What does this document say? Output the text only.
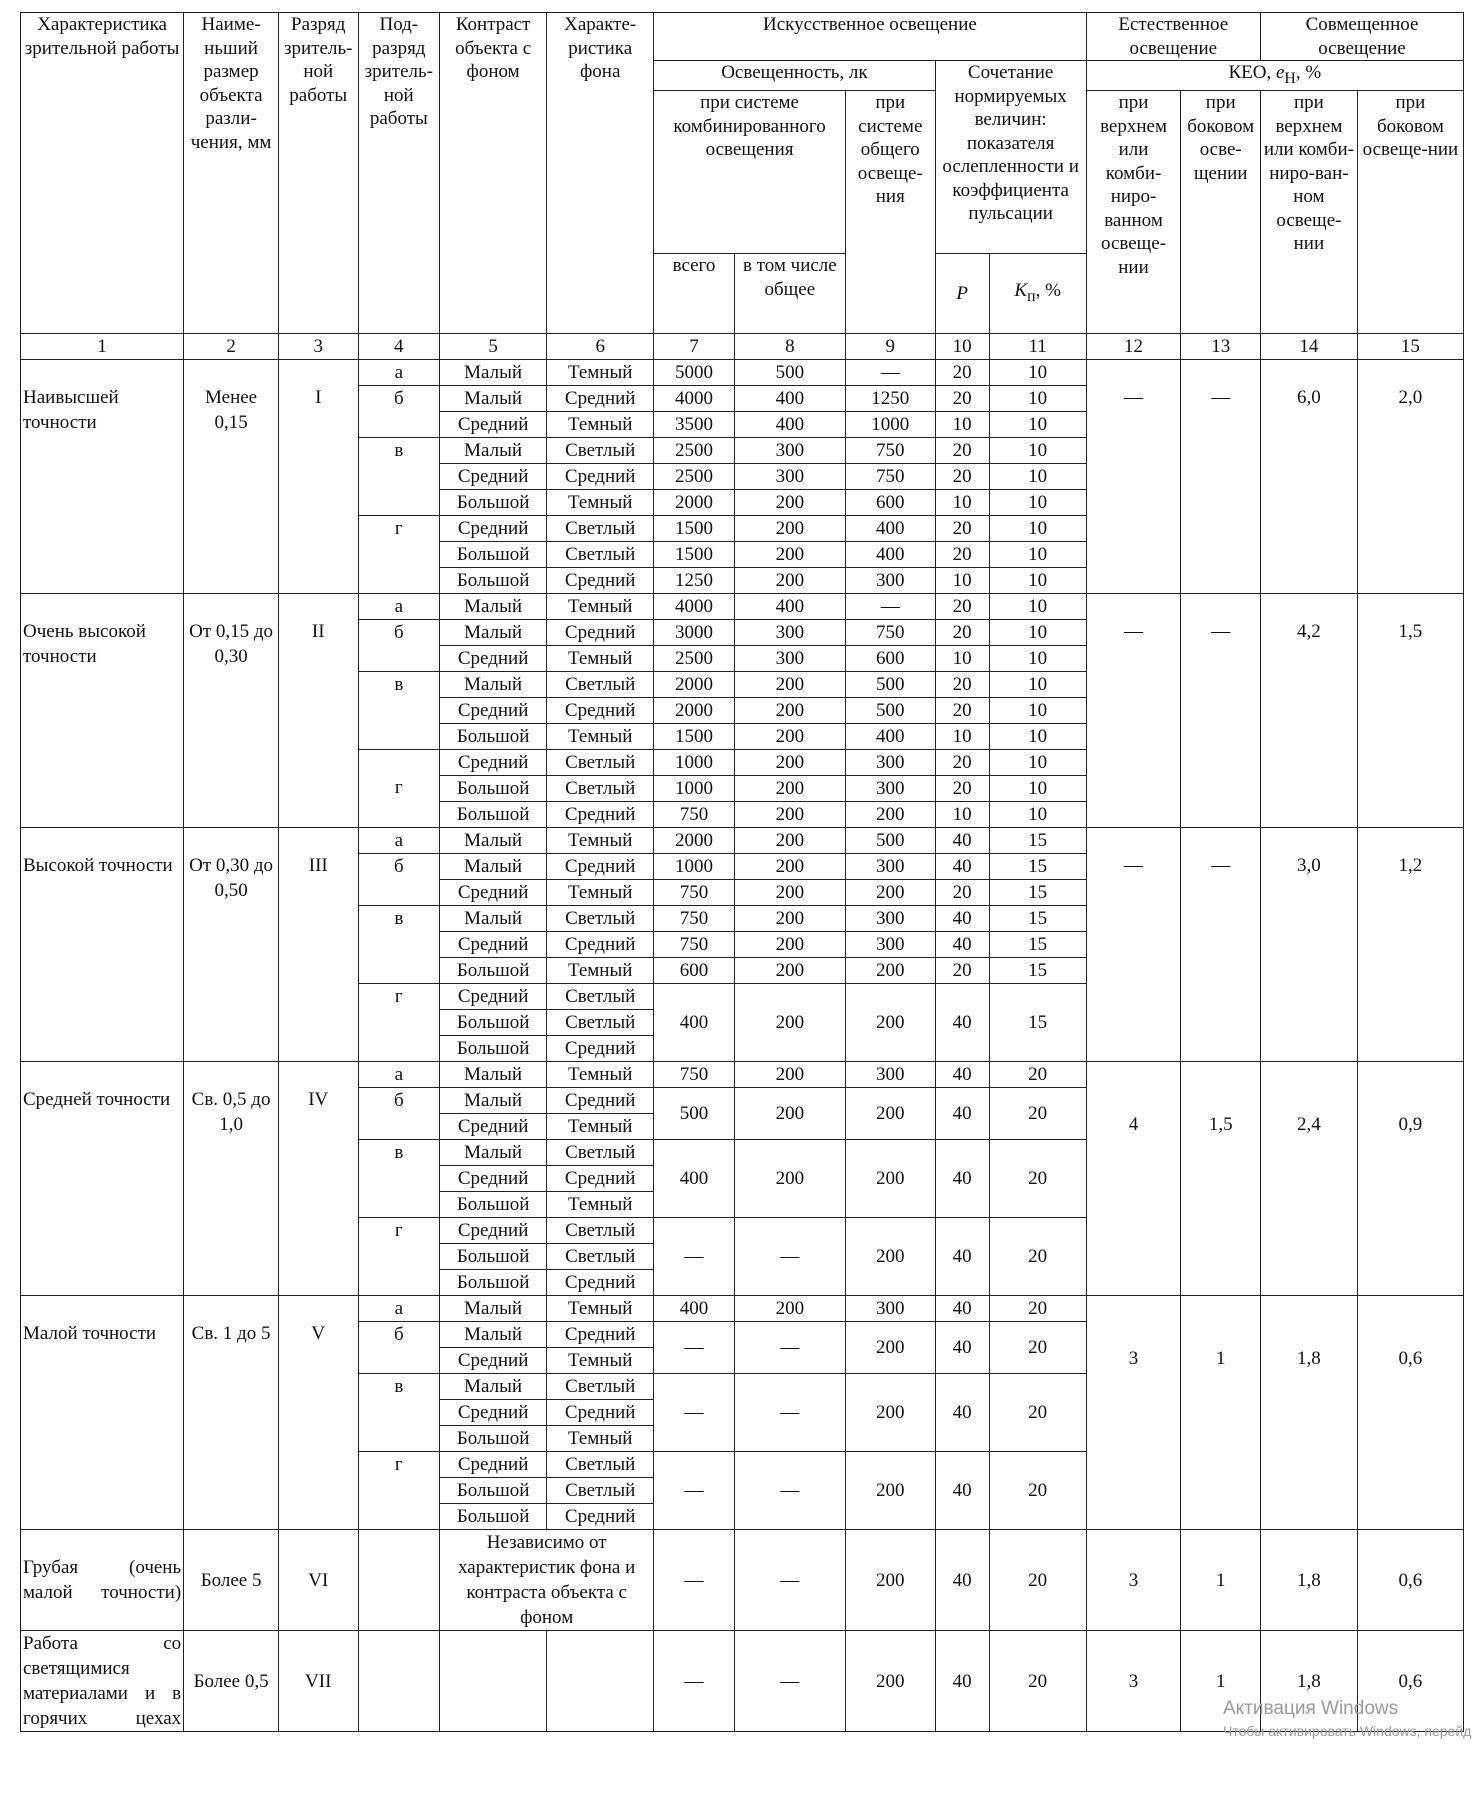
Характеристика зрительной работы	Наиме-ньший размер объекта разли-чения, мм	Разряд зритель-ной работы	Под-разряд зритель-ной работы	Контраст объекта с фоном	Характе-ристика фона	Искусственное освещение					Естественное освещение		Совмещенное освещение	
						Освещенность, лк			Сочетание нормируемых величин: показателя ослепленности и коэффициента пульсации		КЕО, $e_Н$, %			
						при системе комбинированного освещения		при системе общего освеще-ния			при верхнем или комби-ниро-ванном освеще-нии	при боковом осве-щении	при верхнем или комби-ниро-ван-ном освеще-нии	при боковом освеще-нии
						всего	в том числе общее		Р	$K_п$, %				
1	2	3	4	5	6	7	8	9	10	11	12	13	14	15
Наивысшей точности	Менее 0,15	I	а	Малый	Темный	5000	500	—	20	10	—	—	6,0	2,0
			б	Малый	Средний	4000	400	1250	20	10				
				Средний	Темный	3500	400	1000	10	10				
			в	Малый	Светлый	2500	300	750	20	10				
				Средний	Средний	2500	300	750	20	10				
				Большой	Темный	2000	200	600	10	10				
			г	Средний	Светлый	1500	200	400	20	10				
				Большой	Светлый	1500	200	400	20	10				
				Большой	Средний	1250	200	300	10	10				
Очень высокой точности	От 0,15 до 0,30	II	а	Малый	Темный	4000	400	—	20	10	—	—	4,2	1,5
			б	Малый	Средний	3000	300	750	20	10				
				Средний	Темный	2500	300	600	10	10				
			в	Малый	Светлый	2000	200	500	20	10				
				Средний	Средний	2000	200	500	20	10				
				Большой	Темный	1500	200	400	10	10				
			г	Средний	Светлый	1000	200	300	20	10				
				Большой	Светлый	1000	200	300	20	10				
				Большой	Средний	750	200	200	10	10				
Высокой точности	От 0,30 до 0,50	III	а	Малый	Темный	2000	200	500	40	15	—	—	3,0	1,2
			б	Малый	Средний	1000	200	300	40	15				
				Средний	Темный	750	200	200	20	15				
			в	Малый	Светлый	750	200	300	40	15				
				Средний	Средний	750	200	300	40	15				
				Большой	Темный	600	200	200	20	15				
			г	Средний	Светлый	400	200	200	40	15				
				Большой	Светлый									
				Большой	Средний									
Средней точности	Св. 0,5 до 1,0	IV	а	Малый	Темный	750	200	300	40	20	4	1,5	2,4	0,9
			б	Малый	Средний	500	200	200	40	20				
				Средний	Темный									
			в	Малый	Светлый	400	200	200	40	20				
				Средний	Средний									
				Большой	Темный									
			г	Средний	Светлый	—	—	200	40	20				
				Большой	Светлый									
				Большой	Средний									
Малой точности	Св. 1 до 5	V	а	Малый	Темный	400	200	300	40	20	3	1	1,8	0,6
			б	Малый	Средний	—	—	200	40	20				
				Средний	Темный									
			в	Малый	Светлый	—	—	200	40	20				
				Средний	Средний									
				Большой	Темный									
			г	Средний	Светлый	—	—	200	40	20				
				Большой	Светлый									
				Большой	Средний									
Грубая (очень малой точности)	Более 5	VI		Независимо от характеристик фона и контраста объекта с фоном		—	—	200	40	20	3	1	1,8	0,6
Работа со светящимися материалами и в горячих цехах	Более 0,5	VII				—	—	200	40	20	3	1	1,8	0,6
Активация Windows
Чтобы активировать Windows, перейд
